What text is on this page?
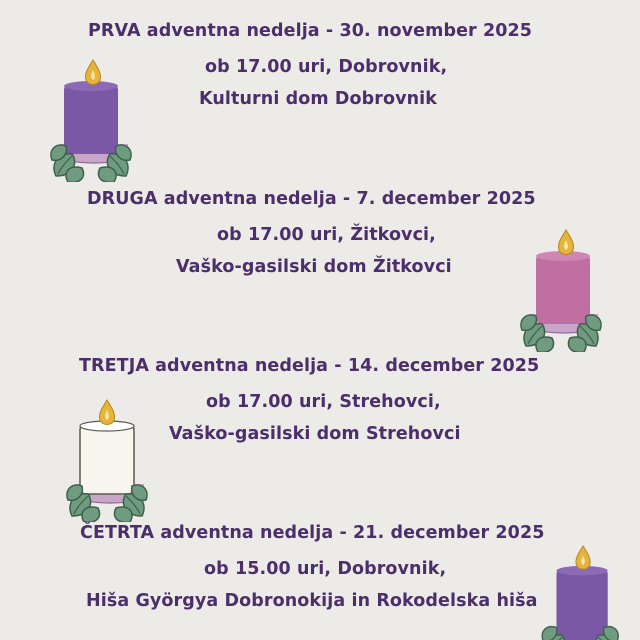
PRVA adventna nedelja - 30. november 2025
ob 17.00 uri, Dobrovnik,
Kulturni dom Dobrovnik
DRUGA adventna nedelja - 7. december 2025
ob 17.00 uri, Žitkovci,
Vaško-gasilski dom Žitkovci
TRETJA adventna nedelja - 14. december 2025
ob 17.00 uri, Strehovci,
Vaško-gasilski dom Strehovci
ČETRTA adventna nedelja - 21. december 2025
ob 15.00 uri, Dobrovnik,
Hiša Györgya Dobronokija in Rokodelska hiša
